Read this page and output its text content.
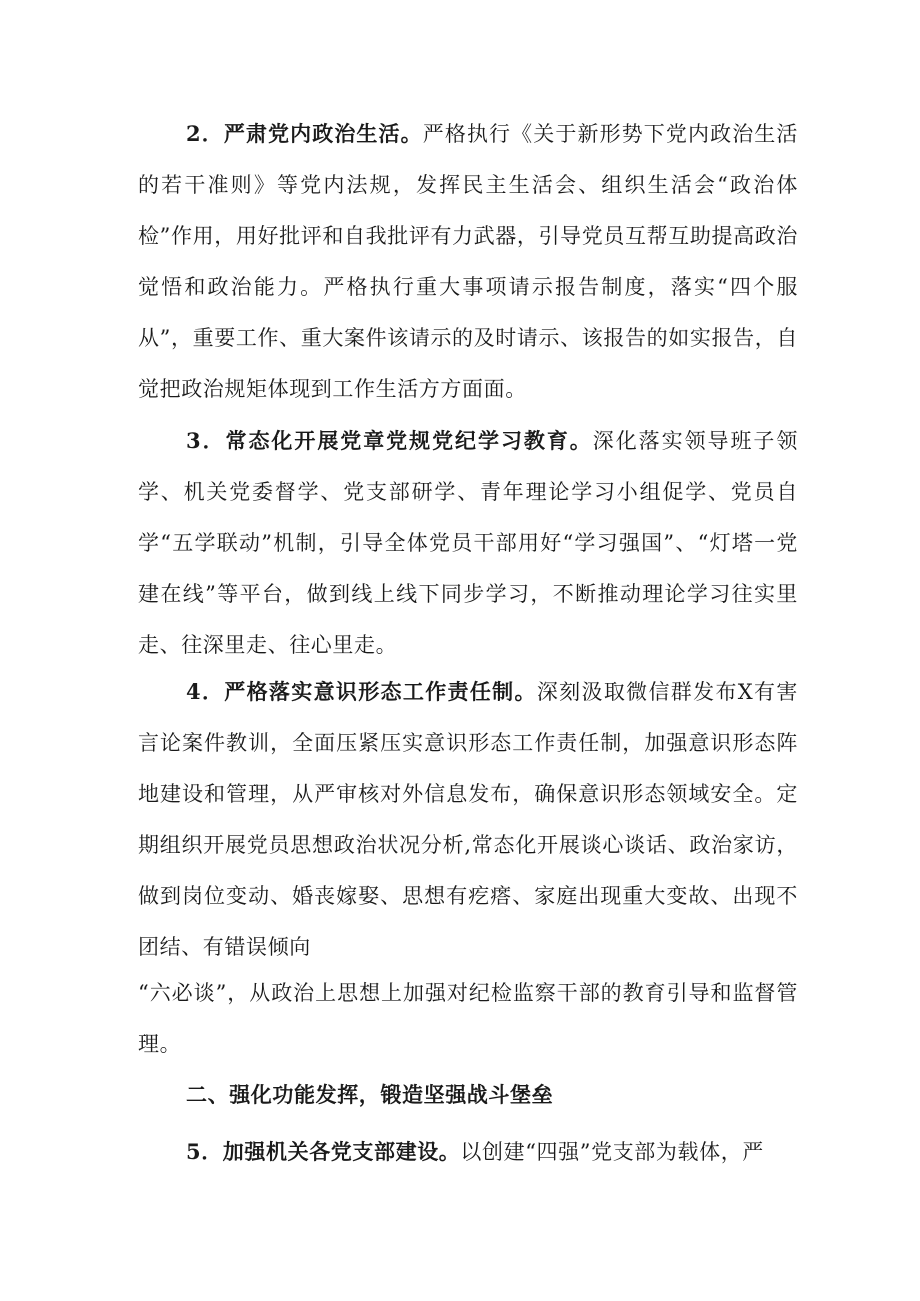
2．严肃党内政治生活。严格执行《关于新形势下党内政治生活的若干准则》等党内法规，发挥民主生活会、组织生活会“政治体检”作用，用好批评和自我批评有力武器，引导党员互帮互助提高政治觉悟和政治能力。严格执行重大事项请示报告制度，落实“四个服从”，重要工作、重大案件该请示的及时请示、该报告的如实报告，自觉把政治规矩体现到工作生活方方面面。

3．常态化开展党章党规党纪学习教育。深化落实领导班子领学、机关党委督学、党支部研学、青年理论学习小组促学、党员自学“五学联动”机制，引导全体党员干部用好“学习强国”、“灯塔一党建在线”等平台，做到线上线下同步学习，不断推动理论学习往实里走、往深里走、往心里走。

4．严格落实意识形态工作责任制。深刻汲取微信群发布X有害言论案件教训，全面压紧压实意识形态工作责任制，加强意识形态阵地建设和管理，从严审核对外信息发布，确保意识形态领域安全。定期组织开展党员思想政治状况分析,常态化开展谈心谈话、政治家访，做到岗位变动、婚丧嫁娶、思想有疙瘩、家庭出现重大变故、出现不团结、有错误倾向

“六必谈”，从政治上思想上加强对纪检监察干部的教育引导和监督管理。

二、强化功能发挥，锻造坚强战斗堡垒

5．加强机关各党支部建设。以创建“四强”党支部为载体，严
